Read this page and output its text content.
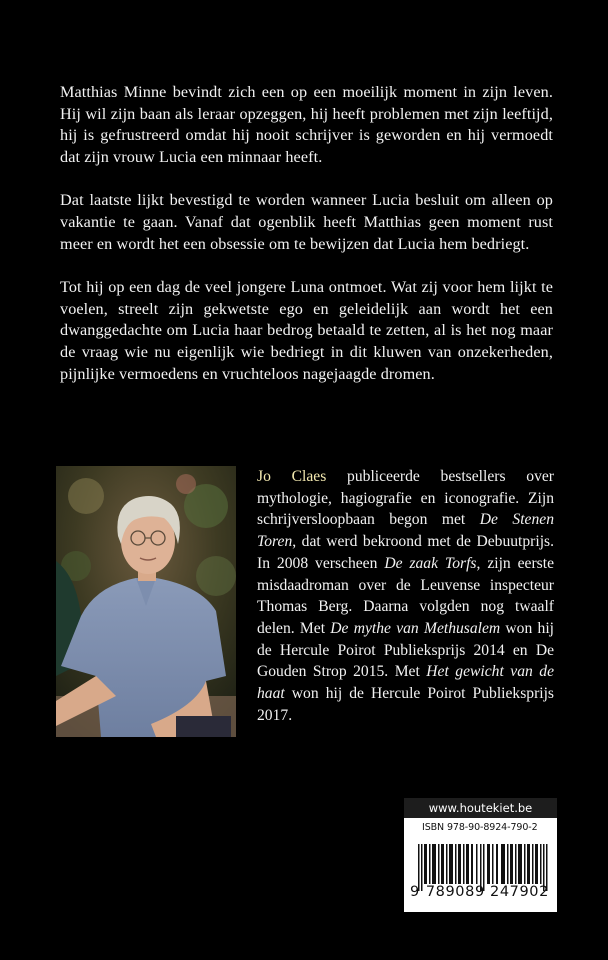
Matthias Minne bevindt zich een op een moeilijk moment in zijn leven. Hij wil zijn baan als leraar opzeggen, hij heeft problemen met zijn leeftijd, hij is gefrustreerd omdat hij nooit schrijver is geworden en hij vermoedt dat zijn vrouw Lucia een minnaar heeft.

Dat laatste lijkt bevestigd te worden wanneer Lucia besluit om alleen op vakantie te gaan. Vanaf dat ogenblik heeft Matthias geen moment rust meer en wordt het een obsessie om te bewijzen dat Lucia hem bedriegt.

Tot hij op een dag de veel jongere Luna ontmoet. Wat zij voor hem lijkt te voelen, streelt zijn gekwetste ego en geleidelijk aan wordt het een dwanggedachte om Lucia haar bedrog betaald te zetten, al is het nog maar de vraag wie nu eigenlijk wie bedriegt in dit kluwen van onzekerheden, pijnlijke vermoedens en vruchteloos nagejaagde dromen.

Jo Claes publiceerde bestsellers over mythologie, hagiografie en iconografie. Zijn schrijversloopbaan begon met De Stenen Toren, dat werd bekroond met de Debuutprijs. In 2008 verscheen De zaak Torfs, zijn eerste misdaadroman over de Leuvense inspecteur Thomas Berg. Daarna volgden nog twaalf delen. Met De mythe van Methusalem won hij de Hercule Poirot Publieksprijs 2014 en De Gouden Strop 2015. Met Het gewicht van de haat won hij de Hercule Poirot Publieksprijs 2017.
www.houtekiet.be
ISBN 978-90-8924-790-2
9 789089 247902
